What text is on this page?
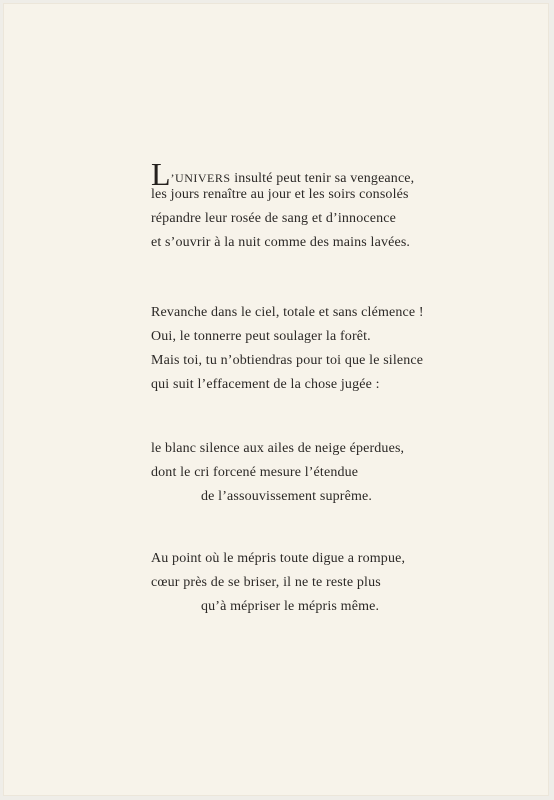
L’UNIVERS insulté peut tenir sa vengeance,
les jours renaître au jour et les soirs consolés
répandre leur rosée de sang et d’innocence
et s’ouvrir à la nuit comme des mains lavées.
Revanche dans le ciel, totale et sans clémence !
Oui, le tonnerre peut soulager la forêt.
Mais toi, tu n’obtiendras pour toi que le silence
qui suit l’effacement de la chose jugée :
le blanc silence aux ailes de neige éperdues,
dont le cri forcené mesure l’étendue
de l’assouvissement suprême.
Au point où le mépris toute digue a rompue,
cœur près de se briser, il ne te reste plus
qu’à mépriser le mépris même.
